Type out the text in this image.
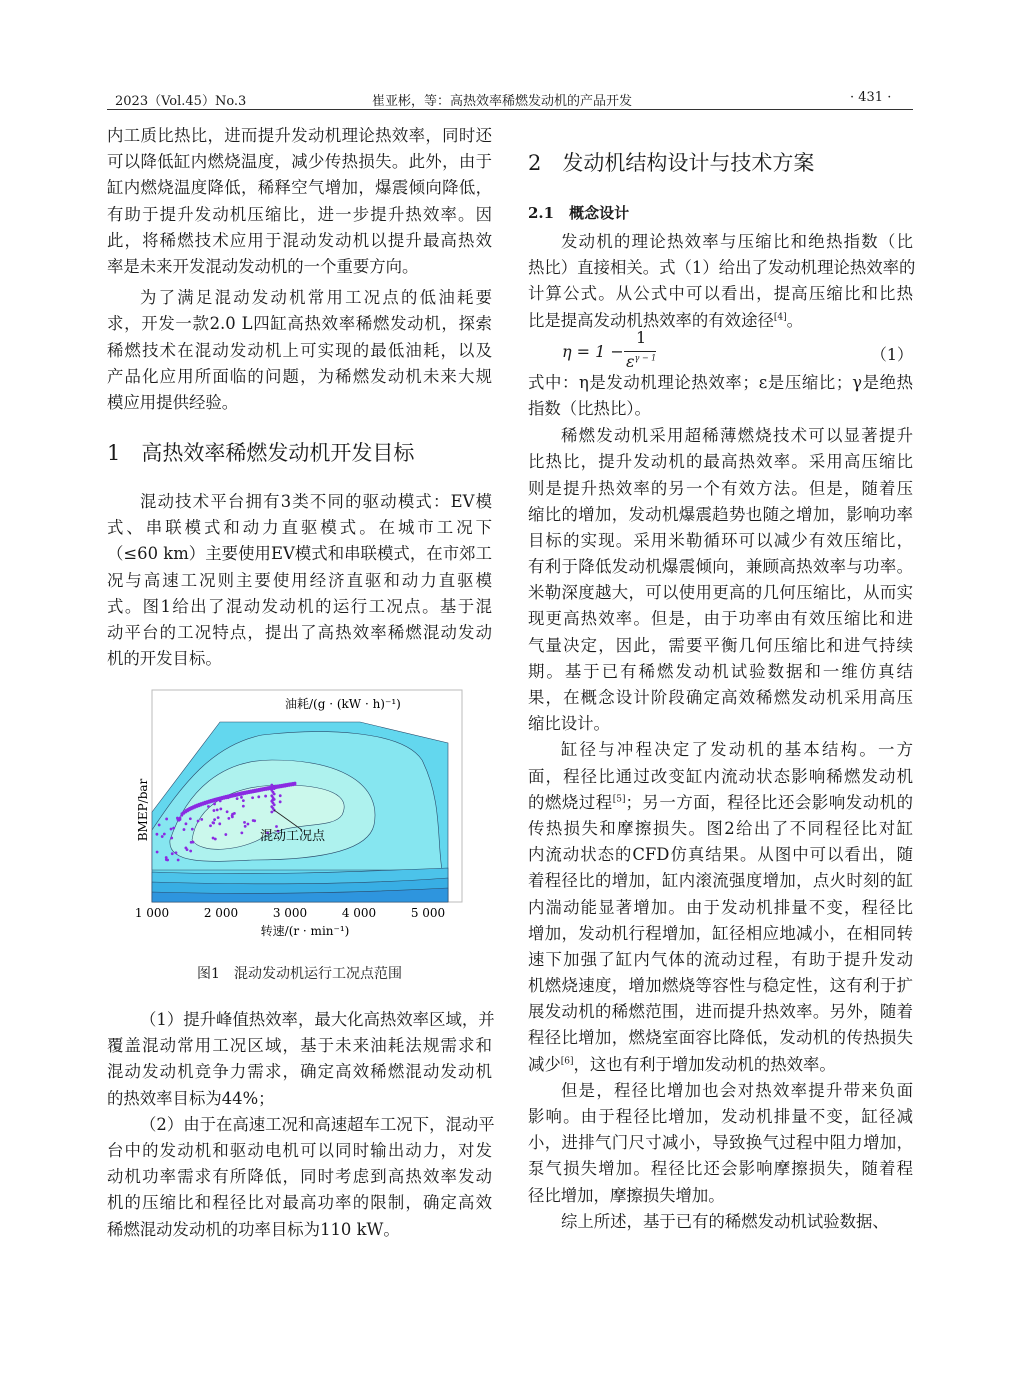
2023（Vol.45）No.3	崔亚彬，等：高热效率稀燃发动机的产品开发	· 431 ·
内工质比热比，进而提升发动机理论热效率，同时还
可以降低缸内燃烧温度，减少传热损失。此外，由于
缸内燃烧温度降低，稀释空气增加，爆震倾向降低，
有助于提升发动机压缩比，进一步提升热效率。因
此，将稀燃技术应用于混动发动机以提升最高热效
率是未来开发混动发动机的一个重要方向。
为了满足混动发动机常用工况点的低油耗要
求，开发一款2.0 L四缸高热效率稀燃发动机，探索
稀燃技术在混动发动机上可实现的最低油耗，以及
产品化应用所面临的问题，为稀燃发动机未来大规
模应用提供经验。
1　高热效率稀燃发动机开发目标
混动技术平台拥有3类不同的驱动模式：EV模
式、串联模式和动力直驱模式。在城市工况下
（≤60 km）主要使用EV模式和串联模式，在市郊工
况与高速工况则主要使用经济直驱和动力直驱模
式。图1给出了混动发动机的运行工况点。基于混
动平台的工况特点，提出了高热效率稀燃混动发动
机的开发目标。
油耗/(g · (kW · h)⁻¹)
混动工况点
BMEP/bar
1 000	2 000	3 000	4 000	5 000
转速/(r · min⁻¹)
图1　混动发动机运行工况点范围
（1）提升峰值热效率，最大化高热效率区域，并
覆盖混动常用工况区域，基于未来油耗法规需求和
混动发动机竞争力需求，确定高效稀燃混动发动机
的热效率目标为44%；
（2）由于在高速工况和高速超车工况下，混动平
台中的发动机和驱动电机可以同时输出动力，对发
动机功率需求有所降低，同时考虑到高热效率发动
机的压缩比和程径比对最高功率的限制，确定高效
稀燃混动发动机的功率目标为110 kW。
2　发动机结构设计与技术方案
2.1　概念设计
发动机的理论热效率与压缩比和绝热指数（比
热比）直接相关。式（1）给出了发动机理论热效率的
计算公式。从公式中可以看出，提高压缩比和比热
比是提高发动机热效率的有效途径[4]。
η = 1 −
1
$\varepsilon^{\gamma - 1}$	（1）
式中：η是发动机理论热效率；ε是压缩比；γ是绝热
指数（比热比）。
稀燃发动机采用超稀薄燃烧技术可以显著提升
比热比，提升发动机的最高热效率。采用高压缩比
则是提升热效率的另一个有效方法。但是，随着压
缩比的增加，发动机爆震趋势也随之增加，影响功率
目标的实现。采用米勒循环可以减少有效压缩比，
有利于降低发动机爆震倾向，兼顾高热效率与功率。
米勒深度越大，可以使用更高的几何压缩比，从而实
现更高热效率。但是，由于功率由有效压缩比和进
气量决定，因此，需要平衡几何压缩比和进气持续
期。基于已有稀燃发动机试验数据和一维仿真结
果，在概念设计阶段确定高效稀燃发动机采用高压
缩比设计。
缸径与冲程决定了发动机的基本结构。一方
面，程径比通过改变缸内流动状态影响稀燃发动机
的燃烧过程[5]；另一方面，程径比还会影响发动机的
传热损失和摩擦损失。图2给出了不同程径比对缸
内流动状态的CFD仿真结果。从图中可以看出，随
着程径比的增加，缸内滚流强度增加，点火时刻的缸
内湍动能显著增加。由于发动机排量不变，程径比
增加，发动机行程增加，缸径相应地减小，在相同转
速下加强了缸内气体的流动过程，有助于提升发动
机燃烧速度，增加燃烧等容性与稳定性，这有利于扩
展发动机的稀燃范围，进而提升热效率。另外，随着
程径比增加，燃烧室面容比降低，发动机的传热损失
减少[6]，这也有利于增加发动机的热效率。
但是，程径比增加也会对热效率提升带来负面
影响。由于程径比增加，发动机排量不变，缸径减
小，进排气门尺寸减小，导致换气过程中阻力增加，
泵气损失增加。程径比还会影响摩擦损失，随着程
径比增加，摩擦损失增加。
综上所述，基于已有的稀燃发动机试验数据、
